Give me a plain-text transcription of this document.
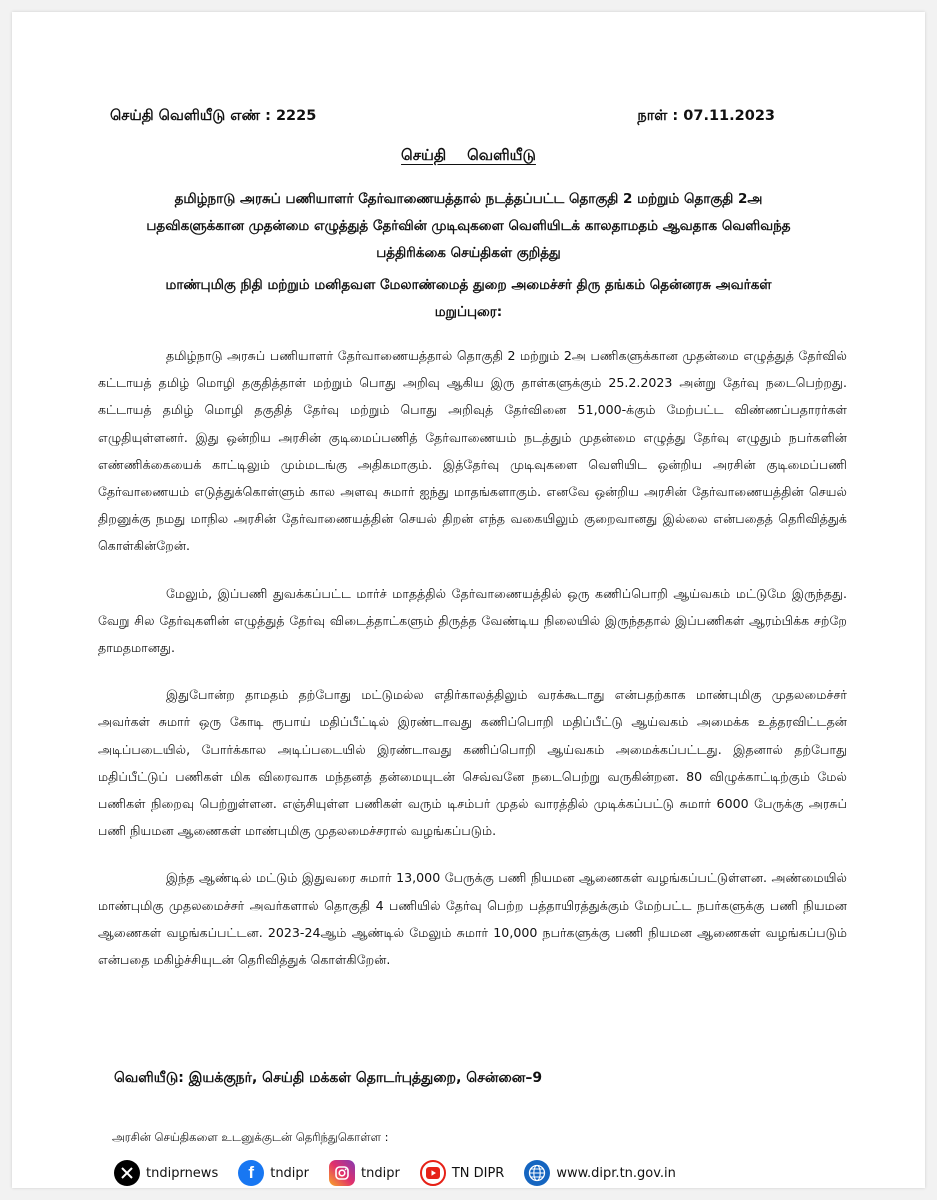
செய்தி வெளியீடு எண் : 2225	நாள் : 07.11.2023
செய்தி    வெளியீடு
தமிழ்நாடு அரசுப் பணியாளர் தேர்வாணையத்தால் நடத்தப்பட்ட தொகுதி 2 மற்றும் தொகுதி 2அ பதவிகளுக்கான முதன்மை எழுத்துத் தேர்வின் முடிவுகளை வெளியிடக் காலதாமதம் ஆவதாக வெளிவந்த பத்திரிக்கை செய்திகள் குறித்து
மாண்புமிகு நிதி மற்றும் மனிதவள மேலாண்மைத் துறை அமைச்சர் திரு தங்கம் தென்னரசு அவர்கள் மறுப்புரை:

தமிழ்நாடு அரசுப் பணியாளர் தேர்வாணையத்தால் தொகுதி 2 மற்றும் 2அ பணிகளுக்கான முதன்மை எழுத்துத் தேர்வில் கட்டாயத் தமிழ் மொழி தகுதித்தாள் மற்றும் பொது அறிவு ஆகிய இரு தாள்களுக்கும் 25.2.2023 அன்று தேர்வு நடைபெற்றது. கட்டாயத் தமிழ் மொழி தகுதித் தேர்வு மற்றும் பொது அறிவுத் தேர்வினை 51,000-க்கும் மேற்பட்ட விண்ணப்பதாரர்கள் எழுதியுள்ளனர். இது ஒன்றிய அரசின் குடிமைப்பணித் தேர்வாணையம் நடத்தும் முதன்மை எழுத்து தேர்வு எழுதும் நபர்களின் எண்ணிக்கையைக் காட்டிலும் மும்மடங்கு அதிகமாகும். இத்தேர்வு முடிவுகளை வெளியிட ஒன்றிய அரசின் குடிமைப்பணி தேர்வாணையம் எடுத்துக்கொள்ளும் கால அளவு சுமார் ஐந்து மாதங்களாகும். எனவே ஒன்றிய அரசின் தேர்வாணையத்தின் செயல் திறனுக்கு நமது மாநில அரசின் தேர்வாணையத்தின் செயல் திறன் எந்த வகையிலும் குறைவானது இல்லை என்பதைத் தெரிவித்துக் கொள்கின்றேன்.

மேலும், இப்பணி துவக்கப்பட்ட மார்ச் மாதத்தில் தேர்வாணையத்தில் ஒரு கணிப்பொறி ஆய்வகம் மட்டுமே இருந்தது. வேறு சில தேர்வுகளின் எழுத்துத் தேர்வு விடைத்தாட்களும் திருத்த வேண்டிய நிலையில் இருந்ததால் இப்பணிகள் ஆரம்பிக்க சற்றே தாமதமானது.

இதுபோன்ற தாமதம் தற்போது மட்டுமல்ல எதிர்காலத்திலும் வரக்கூடாது என்பதற்காக மாண்புமிகு முதலமைச்சர் அவர்கள் சுமார் ஒரு கோடி ரூபாய் மதிப்பீட்டில் இரண்டாவது கணிப்பொறி மதிப்பீட்டு ஆய்வகம் அமைக்க உத்தரவிட்டதன் அடிப்படையில், போர்க்கால அடிப்படையில் இரண்டாவது கணிப்பொறி ஆய்வகம் அமைக்கப்பட்டது. இதனால் தற்போது மதிப்பீட்டுப் பணிகள் மிக விரைவாக மந்தனத் தன்மையுடன் செவ்வனே நடைபெற்று வருகின்றன. 80 விழுக்காட்டிற்கும் மேல் பணிகள் நிறைவு பெற்றுள்ளன. எஞ்சியுள்ள பணிகள் வரும் டிசம்பர் முதல் வாரத்தில் முடிக்கப்பட்டு சுமார் 6000 பேருக்கு அரசுப் பணி நியமன ஆணைகள் மாண்புமிகு முதலமைச்சரால் வழங்கப்படும்.

இந்த ஆண்டில் மட்டும் இதுவரை சுமார் 13,000 பேருக்கு பணி நியமன ஆணைகள் வழங்கப்பட்டுள்ளன. அண்மையில் மாண்புமிகு முதலமைச்சர் அவர்களால் தொகுதி 4 பணியில் தேர்வு பெற்ற பத்தாயிரத்துக்கும் மேற்பட்ட நபர்களுக்கு பணி நியமன ஆணைகள் வழங்கப்பட்டன. 2023-24ஆம் ஆண்டில் மேலும் சுமார் 10,000 நபர்களுக்கு பணி நியமன ஆணைகள் வழங்கப்படும் என்பதை மகிழ்ச்சியுடன் தெரிவித்துக் கொள்கிறேன்.

வெளியீடு: இயக்குநர், செய்தி மக்கள் தொடர்புத்துறை, சென்னை–9
அரசின் செய்திகளை உடனுக்குடன் தெரிந்துகொள்ள :
tndiprnews	f	tndipr	tndipr	TN DIPR	www.dipr.tn.gov.in
